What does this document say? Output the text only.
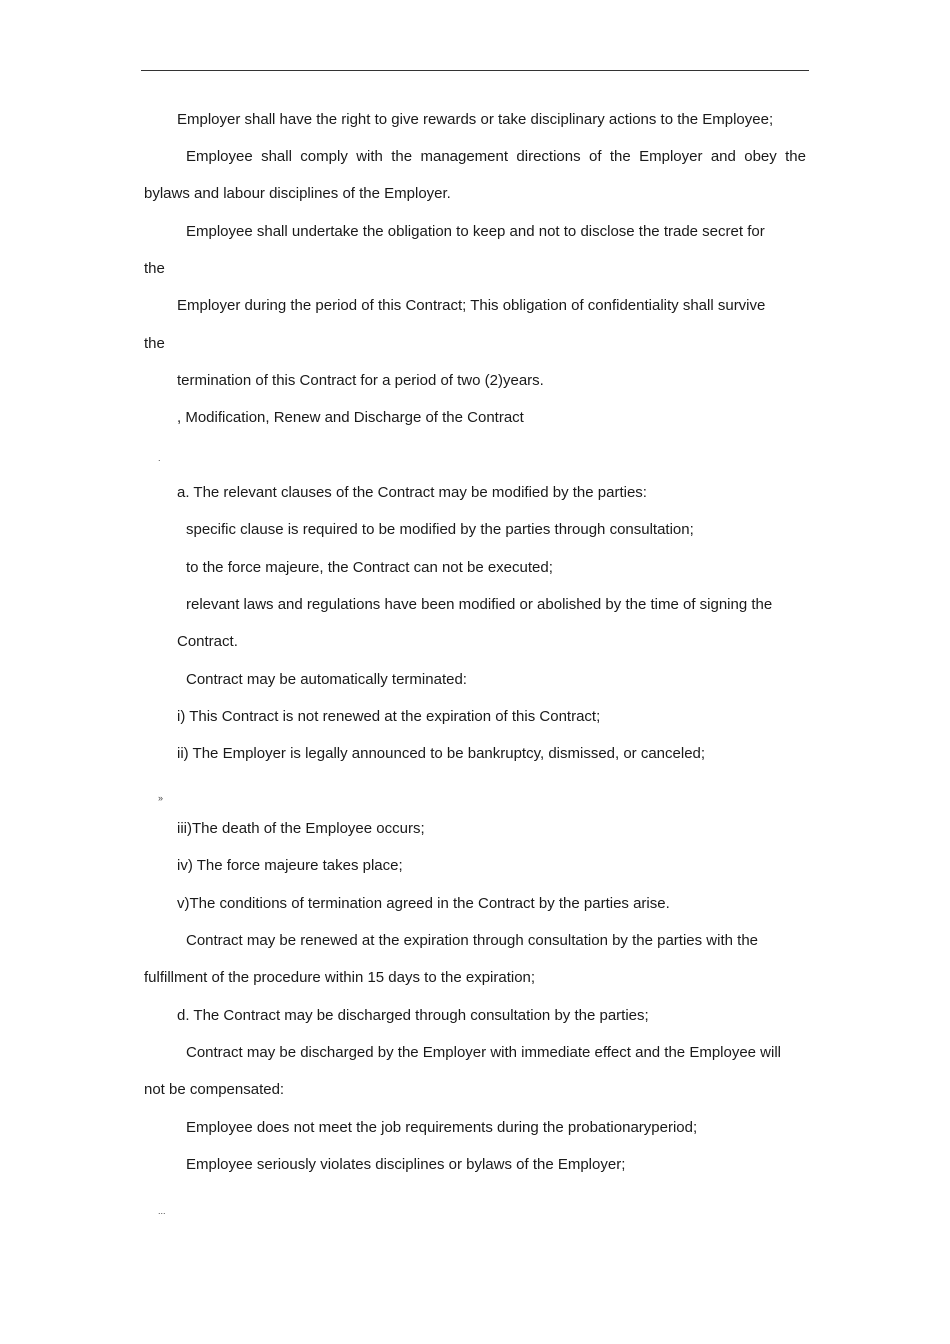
Employer shall have the right to give rewards or take disciplinary actions to the Employee;
Employee shall comply with the management directions of the Employer and obey the
bylaws and labour disciplines of the Employer.
Employee shall undertake the obligation to keep and not to disclose the trade secret for
the
Employer during the period of this Contract; This obligation of confidentiality shall survive
the
termination of this Contract for a period of two (2)years.
, Modification, Renew and Discharge of the Contract
.
a. The relevant clauses of the Contract may be modified by the parties:
specific clause is required to be modified by the parties through consultation;
to the force majeure, the Contract can not be executed;
relevant laws and regulations have been modified or abolished by the time of signing the
Contract.
Contract may be automatically terminated:
i) This Contract is not renewed at the expiration of this Contract;
ii) The Employer is legally announced to be bankruptcy, dismissed, or canceled;
»
iii)The death of the Employee occurs;
iv) The force majeure takes place;
v)The conditions of termination agreed in the Contract by the parties arise.
Contract may be renewed at the expiration through consultation by the parties with the
fulfillment of the procedure within 15 days to the expiration;
d. The Contract may be discharged through consultation by the parties;
Contract may be discharged by the Employer with immediate effect and the Employee will
not be compensated:
Employee does not meet the job requirements during the probationaryperiod;
Employee seriously violates disciplines or bylaws of the Employer;
...
